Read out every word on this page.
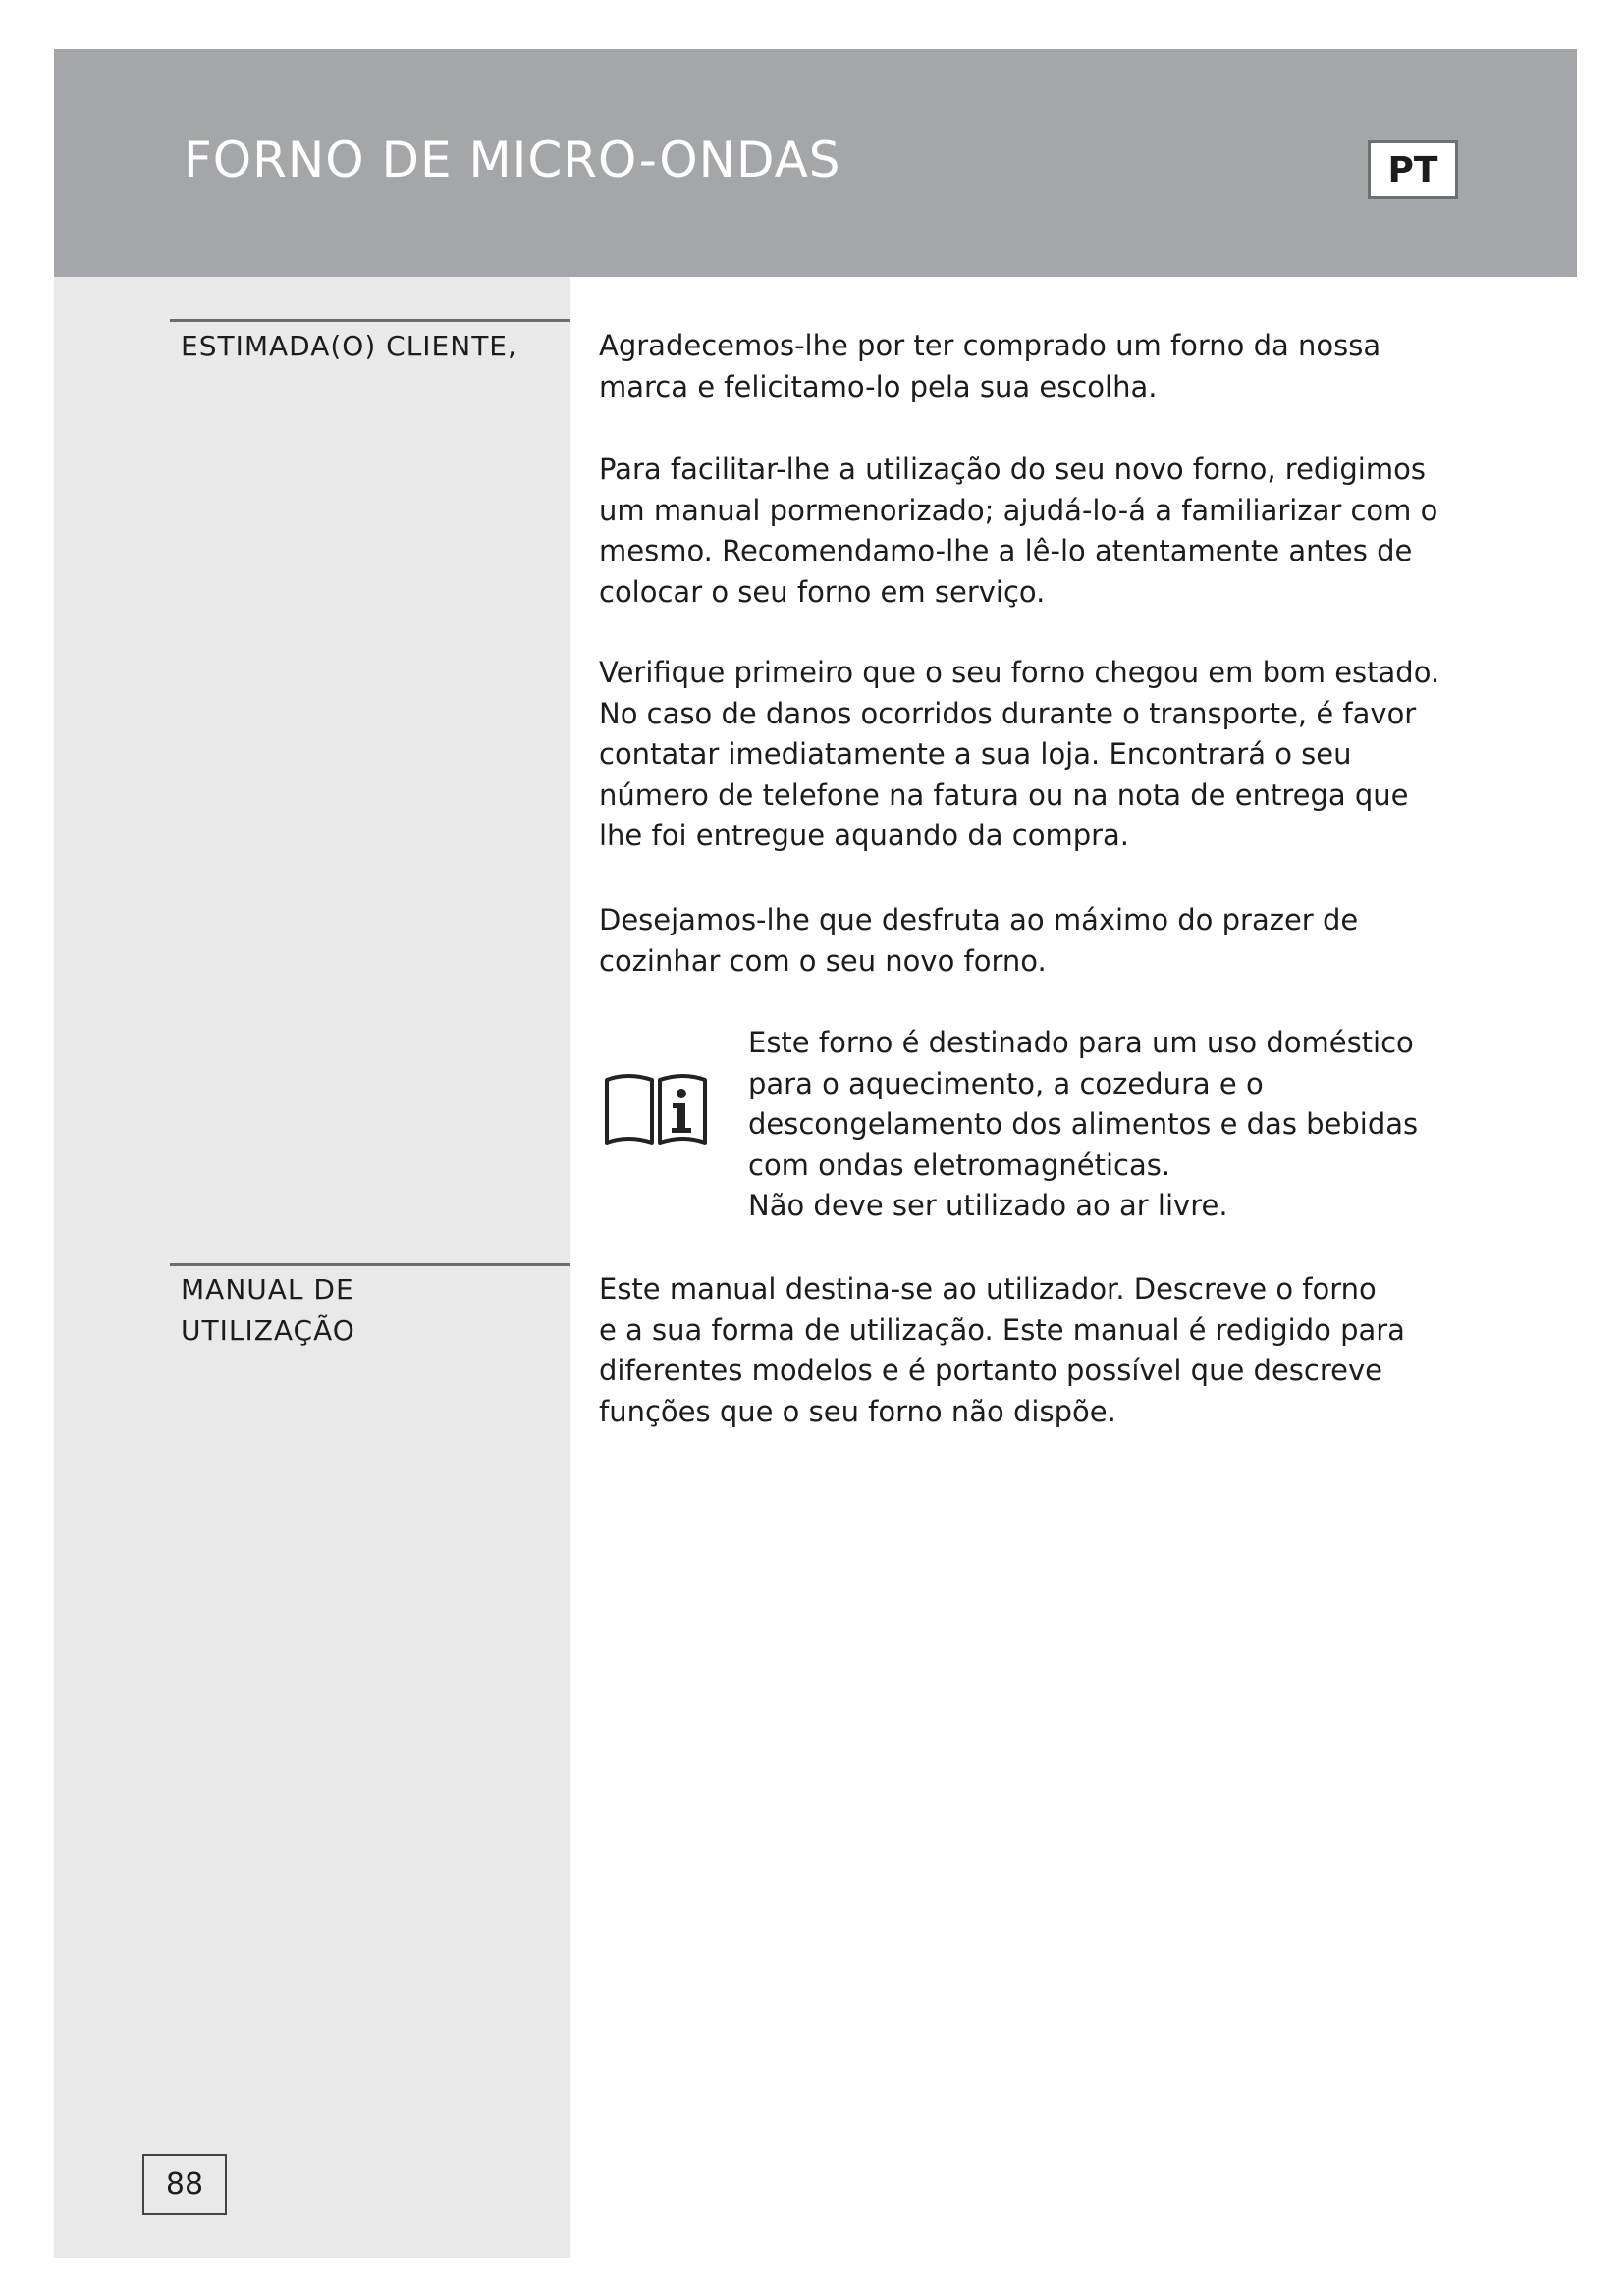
FORNO DE MICRO-ONDAS	PT
ESTIMADA(O) CLIENTE,	Agradecemos-lhe por ter comprado um forno da nossa
marca e felicitamo-lo pela sua escolha.

Para facilitar-lhe a utilização do seu novo forno, redigimos
um manual pormenorizado; ajudá-lo-á a familiarizar com o
mesmo. Recomendamo-lhe a lê-lo atentamente antes de
colocar o seu forno em serviço.

Verifique primeiro que o seu forno chegou em bom estado.
No caso de danos ocorridos durante o transporte, é favor
contatar imediatamente a sua loja. Encontrará o seu
número de telefone na fatura ou na nota de entrega que
lhe foi entregue aquando da compra.

Desejamos-lhe que desfruta ao máximo do prazer de
cozinhar com o seu novo forno.

Este forno é destinado para um uso doméstico
para o aquecimento, a cozedura e o
descongelamento dos alimentos e das bebidas
com ondas eletromagnéticas.
Não deve ser utilizado ao ar livre.

MANUAL DE
UTILIZAÇÃO

Este manual destina-se ao utilizador. Descreve o forno
e a sua forma de utilização. Este manual é redigido para
diferentes modelos e é portanto possível que descreve
funções que o seu forno não dispõe.

88
